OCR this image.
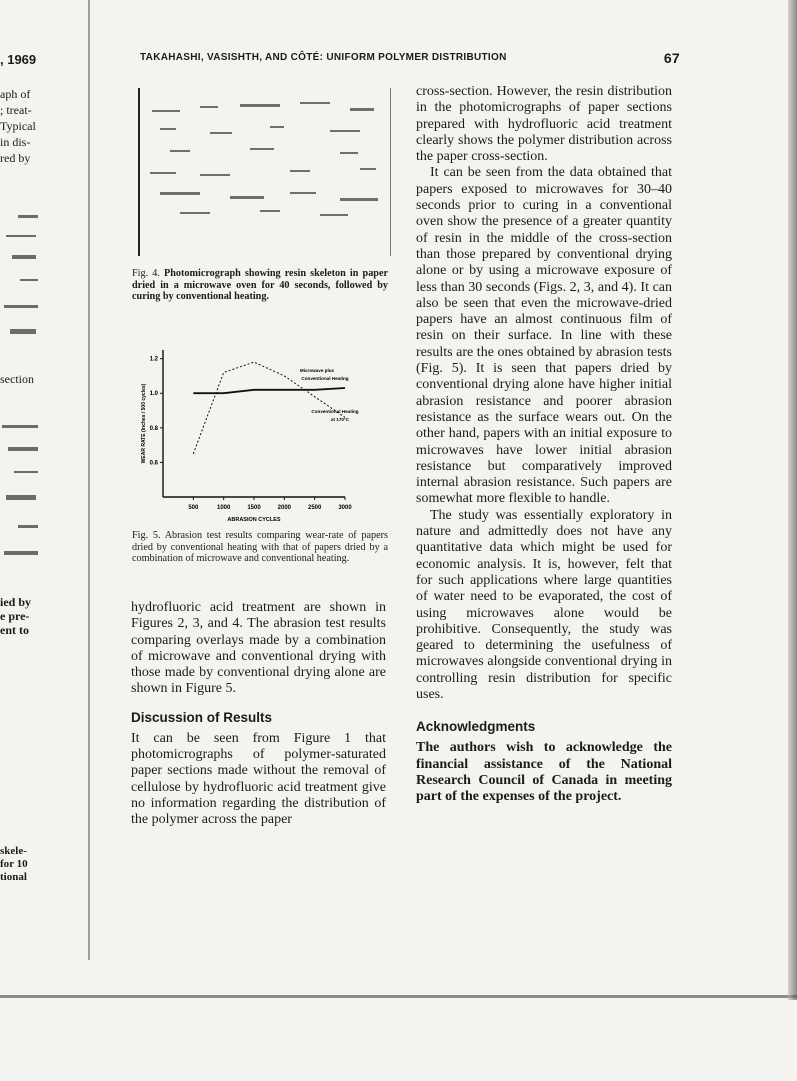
, 1969
aph of
; treat-
Typical
in dis-
red by
section
ied by
e pre-
ent to
skele-
for 10
tional
TAKAHASHI, VASISHTH, AND CÔTÉ: UNIFORM POLYMER DISTRIBUTION	67
Fig. 4. Photomicrograph showing resin skeleton in paper dried in a microwave oven for 40 seconds, followed by curing by conventional heating.
500	1000	1500	2000	2500	3000
0.6
0.8
1.0
1.2
ABRASION CYCLES
WEAR RATE (Inches / 500 cycles)
Microwave plus
Conventional Heating
Conventional Heating
at 170°C
Fig. 5. Abrasion test results comparing wear-rate of papers dried by conventional heating with that of papers dried by a combination of microwave and conventional heating.

hydrofluoric acid treatment are shown in Figures 2, 3, and 4. The abrasion test results comparing overlays made by a combination of microwave and conventional drying with those made by conventional drying alone are shown in Figure 5.

Discussion of Results

It can be seen from Figure 1 that photomicrographs of polymer-saturated paper sections made without the removal of cellulose by hydrofluoric acid treatment give no information regarding the distribution of the polymer across the paper

cross-section. However, the resin distribution in the photomicrographs of paper sections prepared with hydrofluoric acid treatment clearly shows the polymer distribution across the paper cross-section.

It can be seen from the data obtained that papers exposed to microwaves for 30–40 seconds prior to curing in a conventional oven show the presence of a greater quantity of resin in the middle of the cross-section than those prepared by conventional drying alone or by using a microwave exposure of less than 30 seconds (Figs. 2, 3, and 4). It can also be seen that even the microwave-dried papers have an almost continuous film of resin on their surface. In line with these results are the ones obtained by abrasion tests (Fig. 5). It is seen that papers dried by conventional drying alone have higher initial abrasion resistance and poorer abrasion resistance as the surface wears out. On the other hand, papers with an initial exposure to microwaves have lower initial abrasion resistance but comparatively improved internal abrasion resistance. Such papers are somewhat more flexible to handle.

The study was essentially exploratory in nature and admittedly does not have any quantitative data which might be used for economic analysis. It is, however, felt that for such applications where large quantities of water need to be evaporated, the cost of using microwaves alone would be prohibitive. Consequently, the study was geared to determining the usefulness of microwaves alongside conventional drying in controlling resin distribution for specific uses.

Acknowledgments

The authors wish to acknowledge the financial assistance of the National Research Council of Canada in meeting part of the expenses of the project.
